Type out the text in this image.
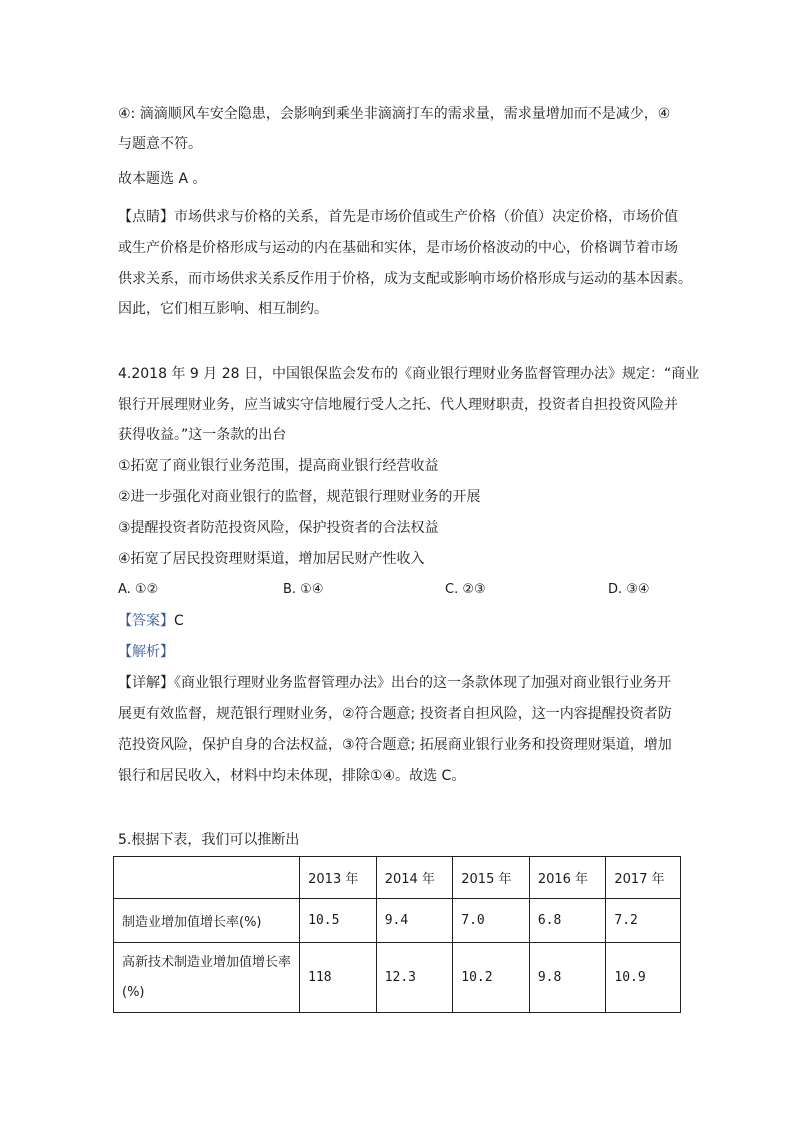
④: 滴滴顺风车安全隐患，会影响到乘坐非滴滴打车的需求量，需求量增加而不是减少，④
与题意不符。
故本题选 A 。
【点睛】市场供求与价格的关系，首先是市场价值或生产价格（价值）决定价格，市场价值
或生产价格是价格形成与运动的内在基础和实体，是市场价格波动的中心，价格调节着市场
供求关系，而市场供求关系反作用于价格，成为支配或影响市场价格形成与运动的基本因素。
因此，它们相互影响、相互制约。
4.2018 年 9 月 28 日，中国银保监会发布的《商业银行理财业务监督管理办法》规定：“商业
银行开展理财业务，应当诚实守信地履行受人之托、代人理财职责，投资者自担投资风险并
获得收益。”这一条款的出台
①拓宽了商业银行业务范围，提高商业银行经营收益
②进一步强化对商业银行的监督，规范银行理财业务的开展
③提醒投资者防范投资风险，保护投资者的合法权益
④拓宽了居民投资理财渠道，增加居民财产性收入
A. ①②	B. ①④	C. ②③	D. ③④
【答案】C
【解析】
【详解】《商业银行理财业务监督管理办法》出台的这一条款体现了加强对商业银行业务开
展更有效监督，规范银行理财业务，②符合题意; 投资者自担风险，这一内容提醒投资者防
范投资风险，保护自身的合法权益，③符合题意; 拓展商业银行业务和投资理财渠道，增加
银行和居民收入，材料中均未体现，排除①④。故选 C。
5.根据下表，我们可以推断出
	2013 年	2014 年	2015 年	2016 年	2017 年
制造业增加值增长率(%)	10.5	9.4	7.0	6.8	7.2
高新技术制造业增加值增长率(%)	118	12.3	10.2	9.8	10.9
